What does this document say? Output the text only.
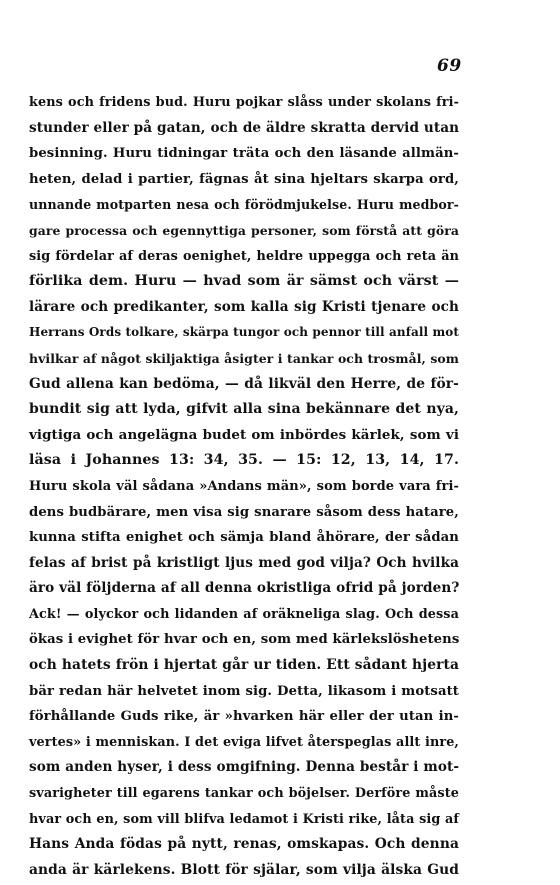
69
kens och fridens bud. Huru pojkar slåss under skolans fri-
stunder eller på gatan, och de äldre skratta dervid utan
besinning. Huru tidningar träta och den läsande allmän-
heten, delad i partier, fägnas åt sina hjeltars skarpa ord,
unnande motparten nesa och förödmjukelse. Huru medbor-
gare processa och egennyttiga personer, som förstå att göra
sig fördelar af deras oenighet, heldre uppegga och reta än
förlika dem. Huru — hvad som är sämst och värst —
lärare och predikanter, som kalla sig Kristi tjenare och
Herrans Ords tolkare, skärpa tungor och pennor till anfall mot
hvilkar af något skiljaktiga åsigter i tankar och trosmål, som
Gud allena kan bedöma, — då likväl den Herre, de för-
bundit sig att lyda, gifvit alla sina bekännare det nya,
vigtiga och angelägna budet om inbördes kärlek, som vi
läsa i Johannes 13: 34, 35. — 15: 12, 13, 14, 17.
Huru skola väl sådana »Andans män», som borde vara fri-
dens budbärare, men visa sig snarare såsom dess hatare,
kunna stifta enighet och sämja bland åhörare, der sådan
felas af brist på kristligt ljus med god vilja? Och hvilka
äro väl följderna af all denna okristliga ofrid på jorden?
Ack! — olyckor och lidanden af oräkneliga slag. Och dessa
ökas i evighet för hvar och en, som med kärlekslöshetens
och hatets frön i hjertat går ur tiden. Ett sådant hjerta
bär redan här helvetet inom sig. Detta, likasom i motsatt
förhållande Guds rike, är »hvarken här eller der utan in-
vertes» i menniskan. I det eviga lifvet återspeglas allt inre,
som anden hyser, i dess omgifning. Denna består i mot-
svarigheter till egarens tankar och böjelser. Derföre måste
hvar och en, som vill blifva ledamot i Kristi rike, låta sig af
Hans Anda födas på nytt, renas, omskapas. Och denna
anda är kärlekens. Blott för själar, som vilja älska Gud
